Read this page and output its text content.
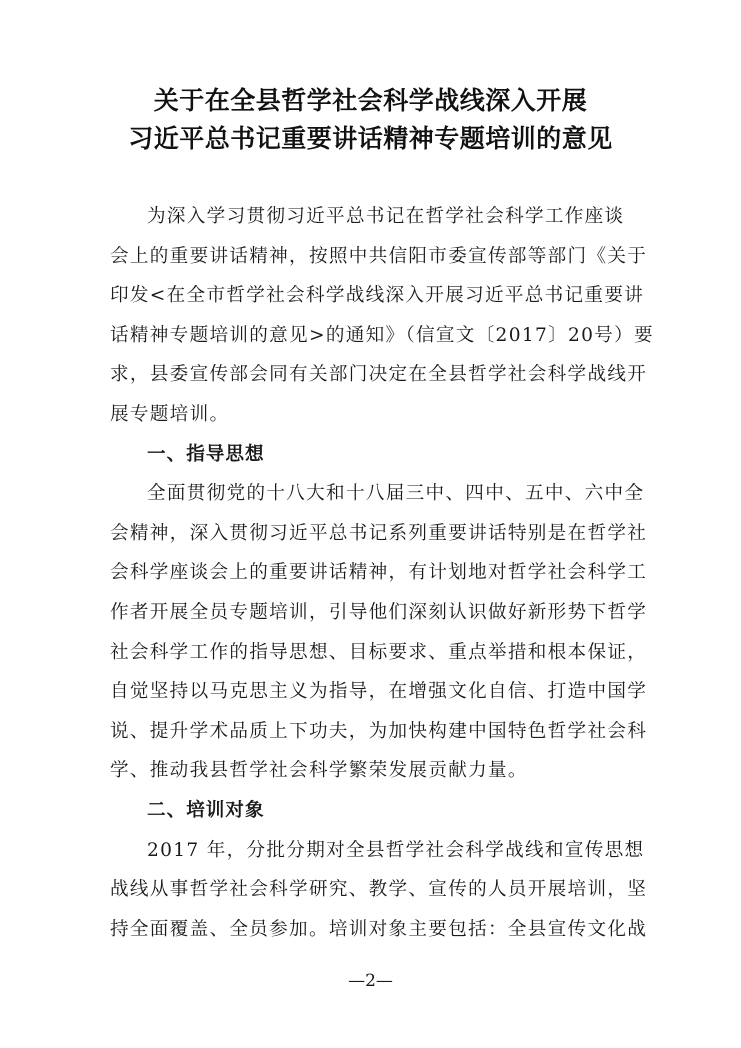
关于在全县哲学社会科学战线深入开展
习近平总书记重要讲话精神专题培训的意见
为深入学习贯彻习近平总书记在哲学社会科学工作座谈
会上的重要讲话精神，按照中共信阳市委宣传部等部门《关于
印发<在全市哲学社会科学战线深入开展习近平总书记重要讲
话精神专题培训的意见>的通知》（信宣文〔2017〕20号）要
求，县委宣传部会同有关部门决定在全县哲学社会科学战线开
展专题培训。
一、指导思想
全面贯彻党的十八大和十八届三中、四中、五中、六中全
会精神，深入贯彻习近平总书记系列重要讲话特别是在哲学社
会科学座谈会上的重要讲话精神，有计划地对哲学社会科学工
作者开展全员专题培训，引导他们深刻认识做好新形势下哲学
社会科学工作的指导思想、目标要求、重点举措和根本保证，
自觉坚持以马克思主义为指导，在增强文化自信、打造中国学
说、提升学术品质上下功夫，为加快构建中国特色哲学社会科
学、推动我县哲学社会科学繁荣发展贡献力量。
二、培训对象
2017 年，分批分期对全县哲学社会科学战线和宣传思想
战线从事哲学社会科学研究、教学、宣传的人员开展培训，坚
持全面覆盖、全员参加。培训对象主要包括：全县宣传文化战
—2—
